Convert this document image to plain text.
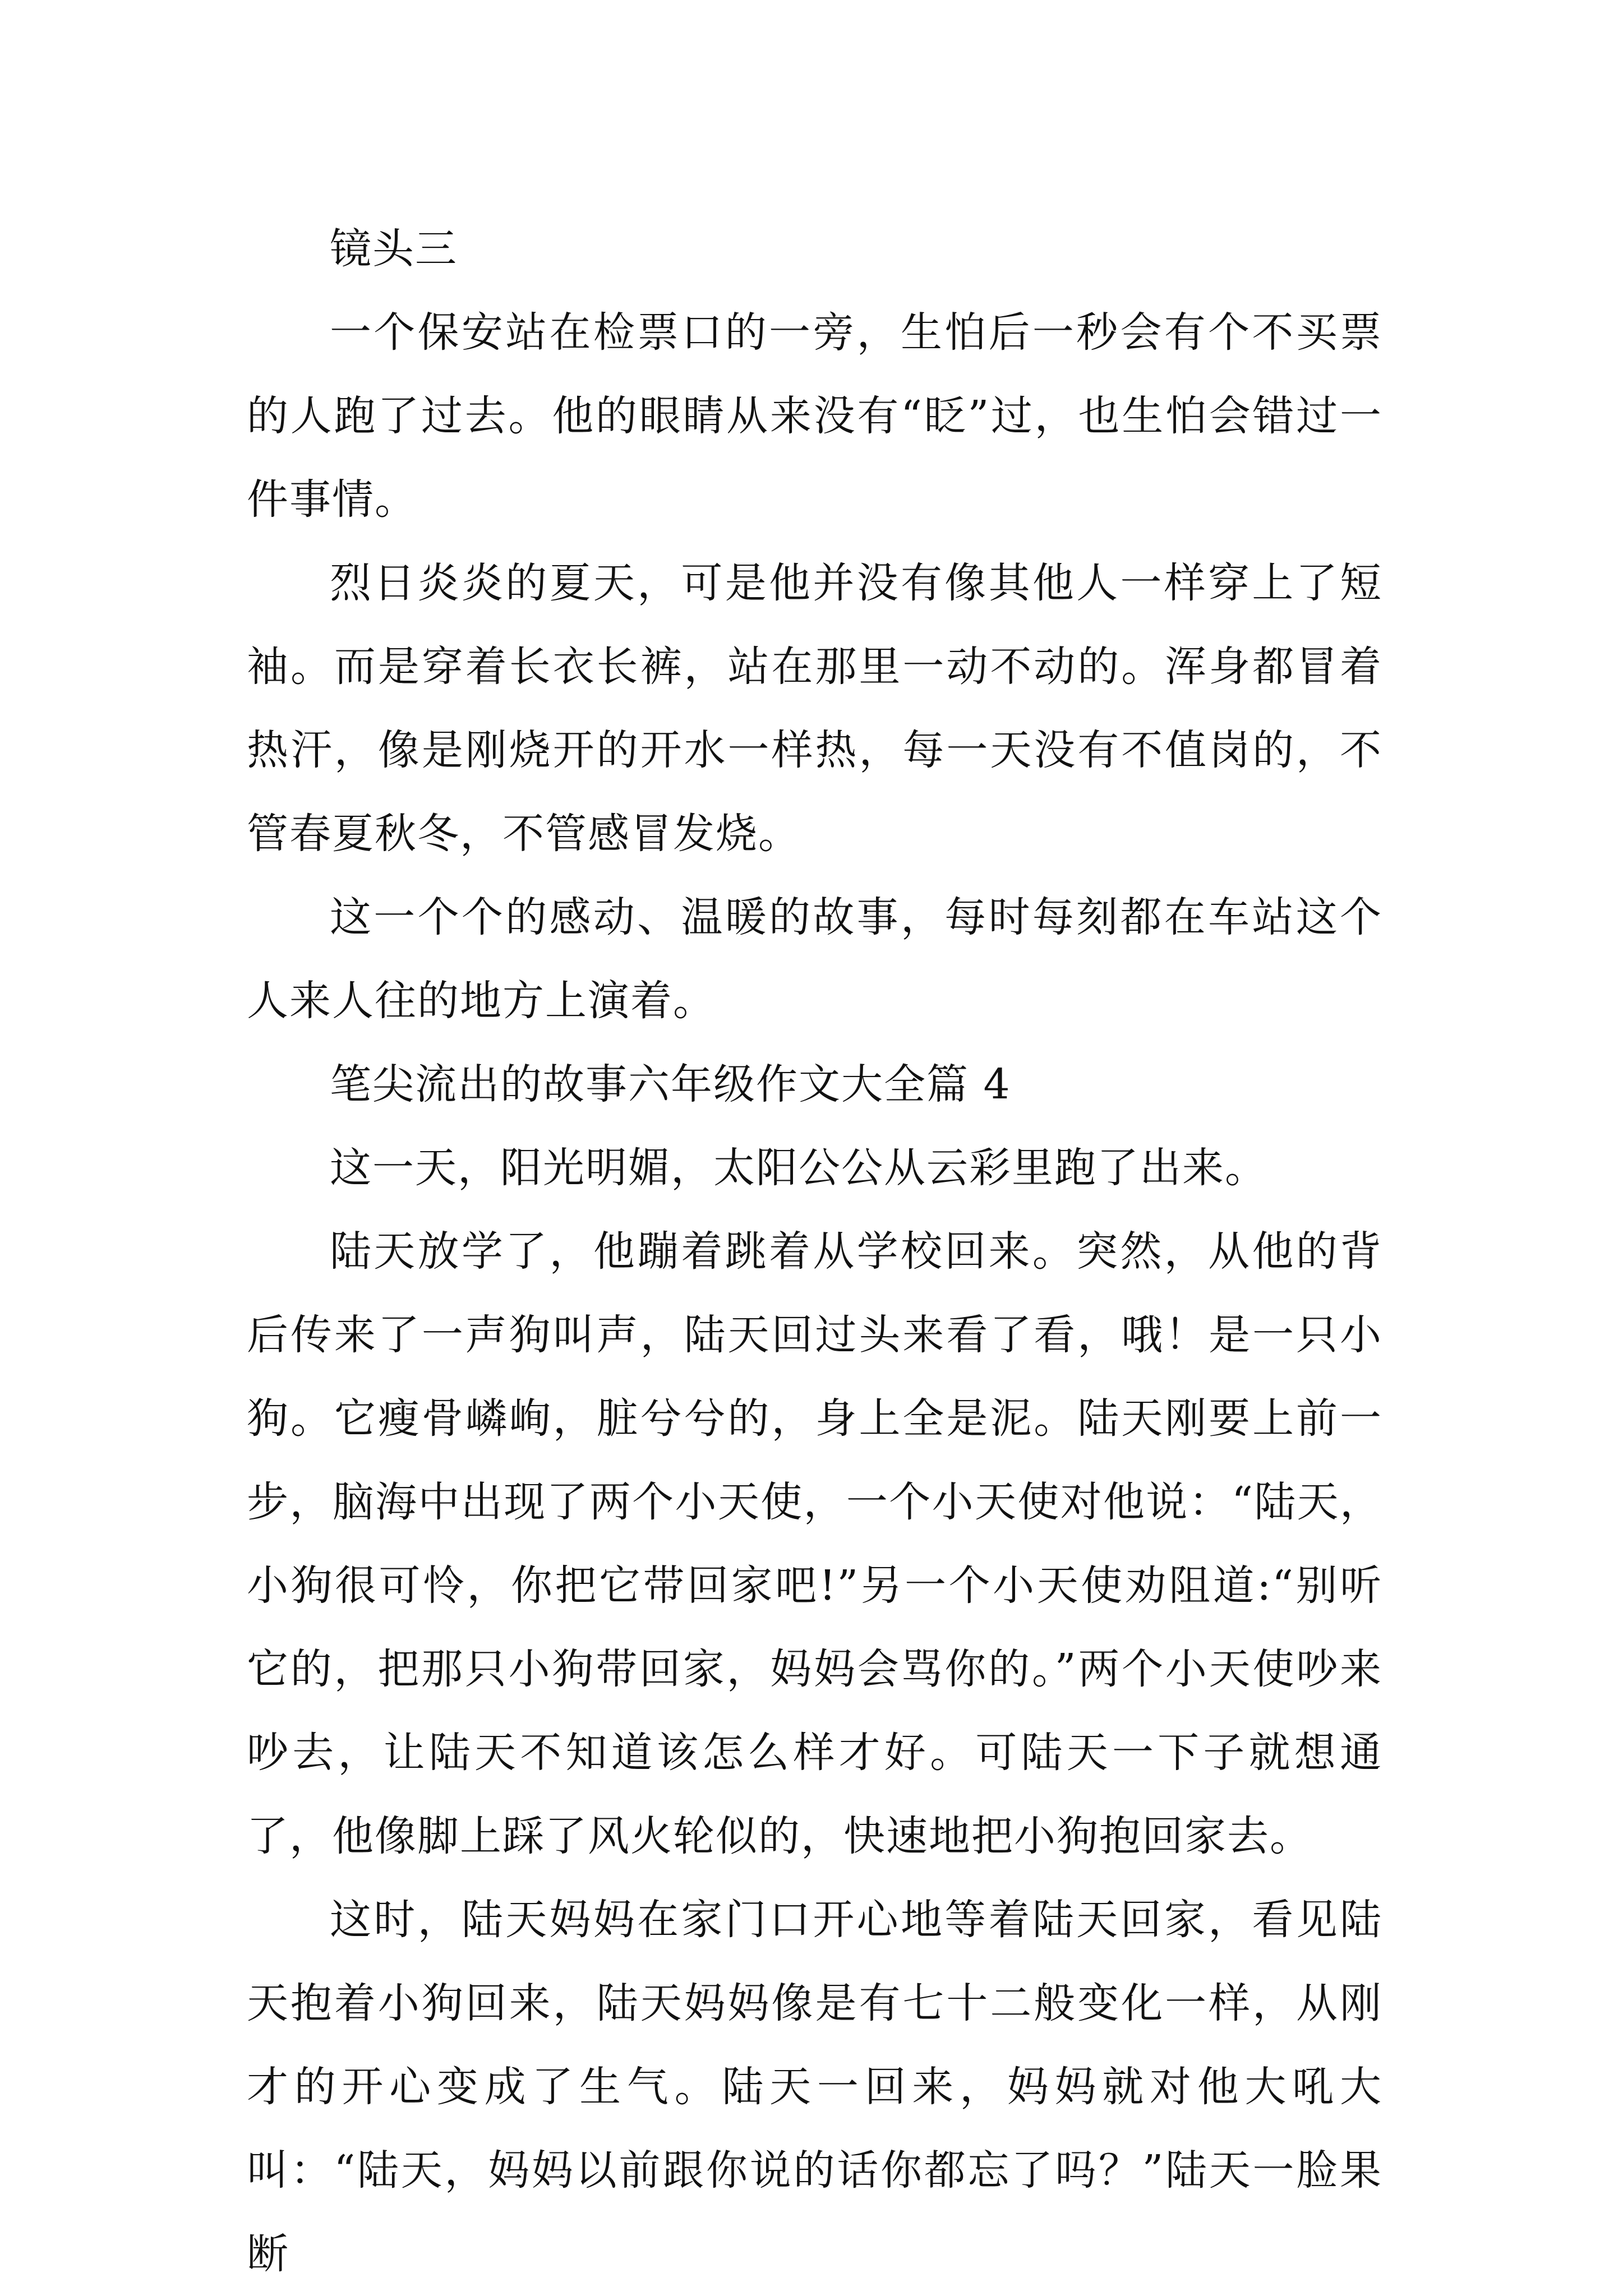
镜头三

一个保安站在检票口的一旁，生怕后一秒会有个不买票的人跑了过去。他的眼睛从来没有“眨”过，也生怕会错过一件事情。

烈日炎炎的夏天，可是他并没有像其他人一样穿上了短袖。而是穿着长衣长裤，站在那里一动不动的。浑身都冒着热汗，像是刚烧开的开水一样热，每一天没有不值岗的，不管春夏秋冬，不管感冒发烧。

这一个个的感动、温暖的故事，每时每刻都在车站这个人来人往的地方上演着。

笔尖流出的故事六年级作文大全篇 4

这一天，阳光明媚，太阳公公从云彩里跑了出来。

陆天放学了，他蹦着跳着从学校回来。突然，从他的背后传来了一声狗叫声，陆天回过头来看了看，哦！是一只小狗。它瘦骨嶙峋，脏兮兮的，身上全是泥。陆天刚要上前一步，脑海中出现了两个小天使，一个小天使对他说：“陆天，小狗很可怜，你把它带回家吧!”另一个小天使劝阻道:“别听它的，把那只小狗带回家，妈妈会骂你的。”两个小天使吵来吵去，让陆天不知道该怎么样才好。可陆天一下子就想通了，他像脚上踩了风火轮似的，快速地把小狗抱回家去。

这时，陆天妈妈在家门口开心地等着陆天回家，看见陆天抱着小狗回来，陆天妈妈像是有七十二般变化一样，从刚才的开心变成了生气。陆天一回来，妈妈就对他大吼大叫：“陆天，妈妈以前跟你说的话你都忘了吗？”陆天一脸果断
